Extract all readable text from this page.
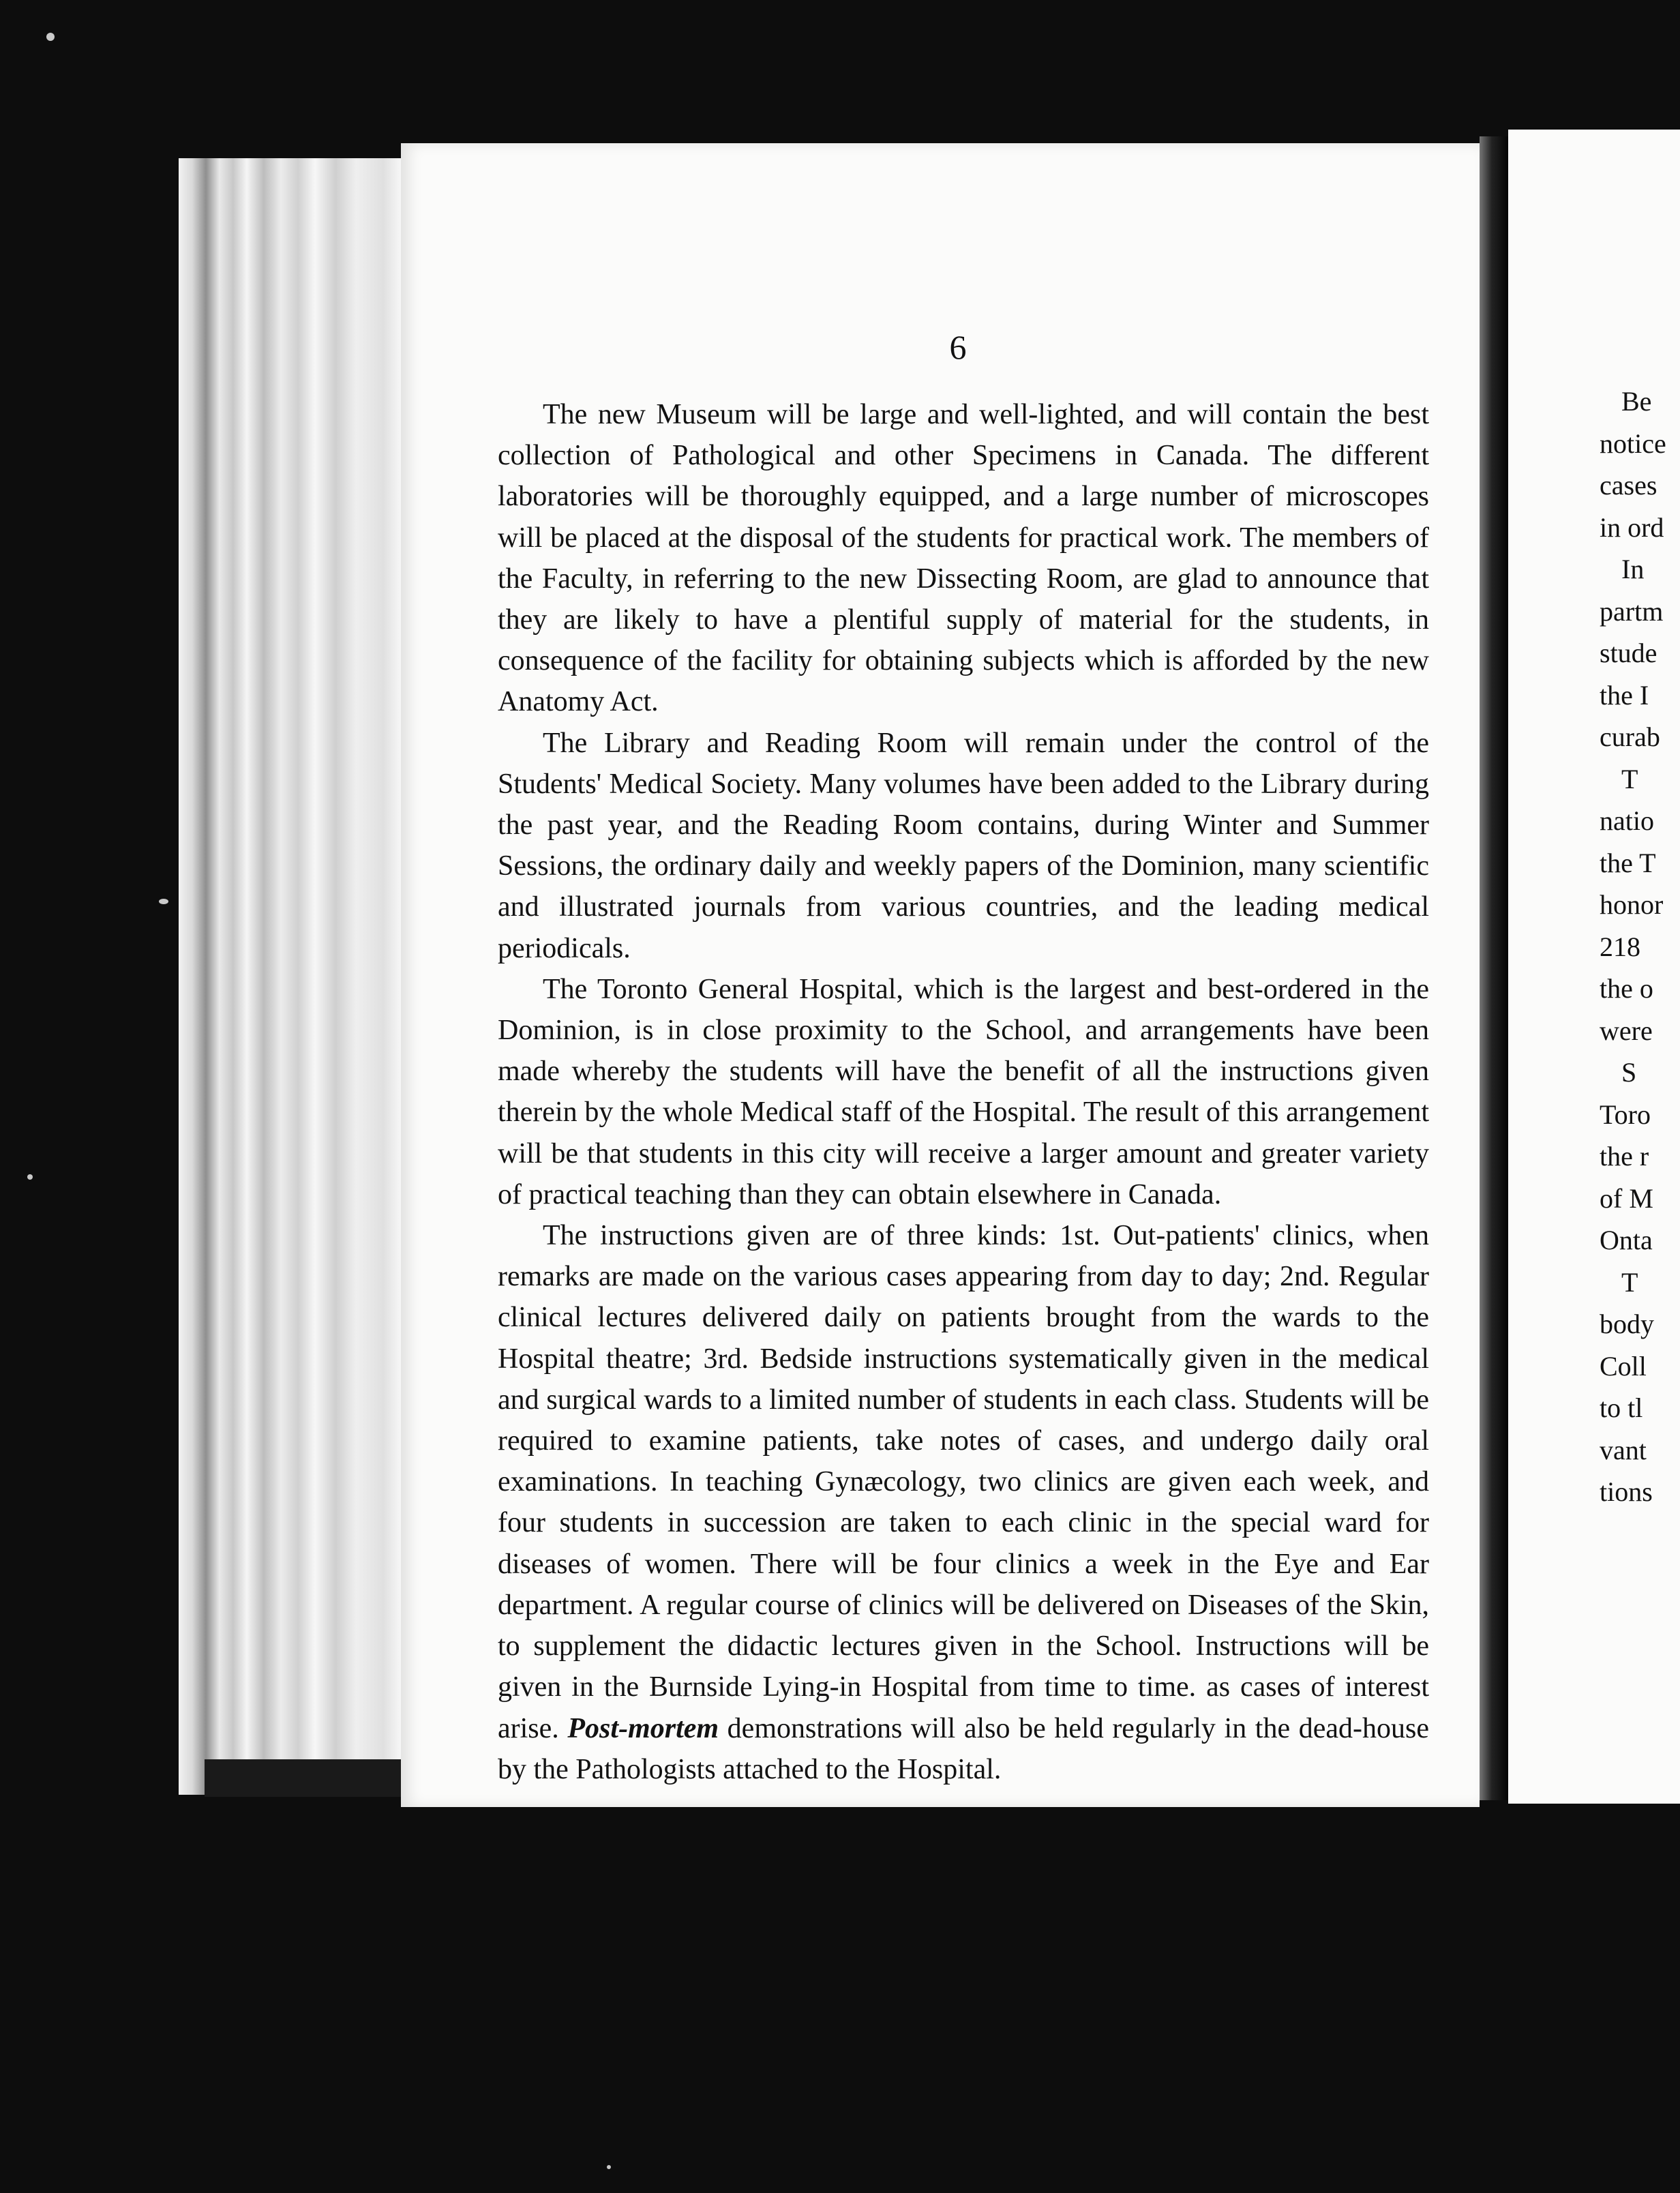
6

The new Museum will be large and well-lighted, and will contain the best collection of Pathological and other Specimens in Canada. The different laboratories will be thoroughly equipped, and a large number of microscopes will be placed at the disposal of the students for practical work. The members of the Faculty, in referring to the new Dissecting Room, are glad to announce that they are likely to have a plentiful supply of material for the students, in consequence of the facility for obtaining subjects which is afforded by the new Anatomy Act.

The Library and Reading Room will remain under the control of the Students' Medical Society. Many volumes have been added to the Library during the past year, and the Reading Room contains, during Winter and Summer Sessions, the ordinary daily and weekly papers of the Dominion, many scientific and illustrated journals from various countries, and the leading medical periodicals.

The Toronto General Hospital, which is the largest and best-ordered in the Dominion, is in close proximity to the School, and arrangements have been made whereby the students will have the benefit of all the instructions given therein by the whole Medical staff of the Hospital. The result of this arrangement will be that students in this city will receive a larger amount and greater variety of practical teaching than they can obtain elsewhere in Canada.

The instructions given are of three kinds: 1st. Out-patients' clinics, when remarks are made on the various cases appearing from day to day; 2nd. Regular clinical lectures delivered daily on patients brought from the wards to the Hospital theatre; 3rd. Bedside instructions systematically given in the medical and surgical wards to a limited number of students in each class. Students will be required to examine patients, take notes of cases, and undergo daily oral examinations. In teaching Gynæcology, two clinics are given each week, and four students in succession are taken to each clinic in the special ward for diseases of women. There will be four clinics a week in the Eye and Ear department. A regular course of clinics will be delivered on Diseases of the Skin, to supplement the didactic lectures given in the School. Instructions will be given in the Burnside Lying-in Hospital from time to time. as cases of interest arise. Post-mortem demonstrations will also be held regularly in the dead-house by the Pathologists attached to the Hospital.

Be
notice
cases
in ord
In
partm
stude
the I
curab
T
natio
the T
honor
218
the o
were
S
Toro
the r
of M
Onta
T
body
Coll
to tl
vant
tions
